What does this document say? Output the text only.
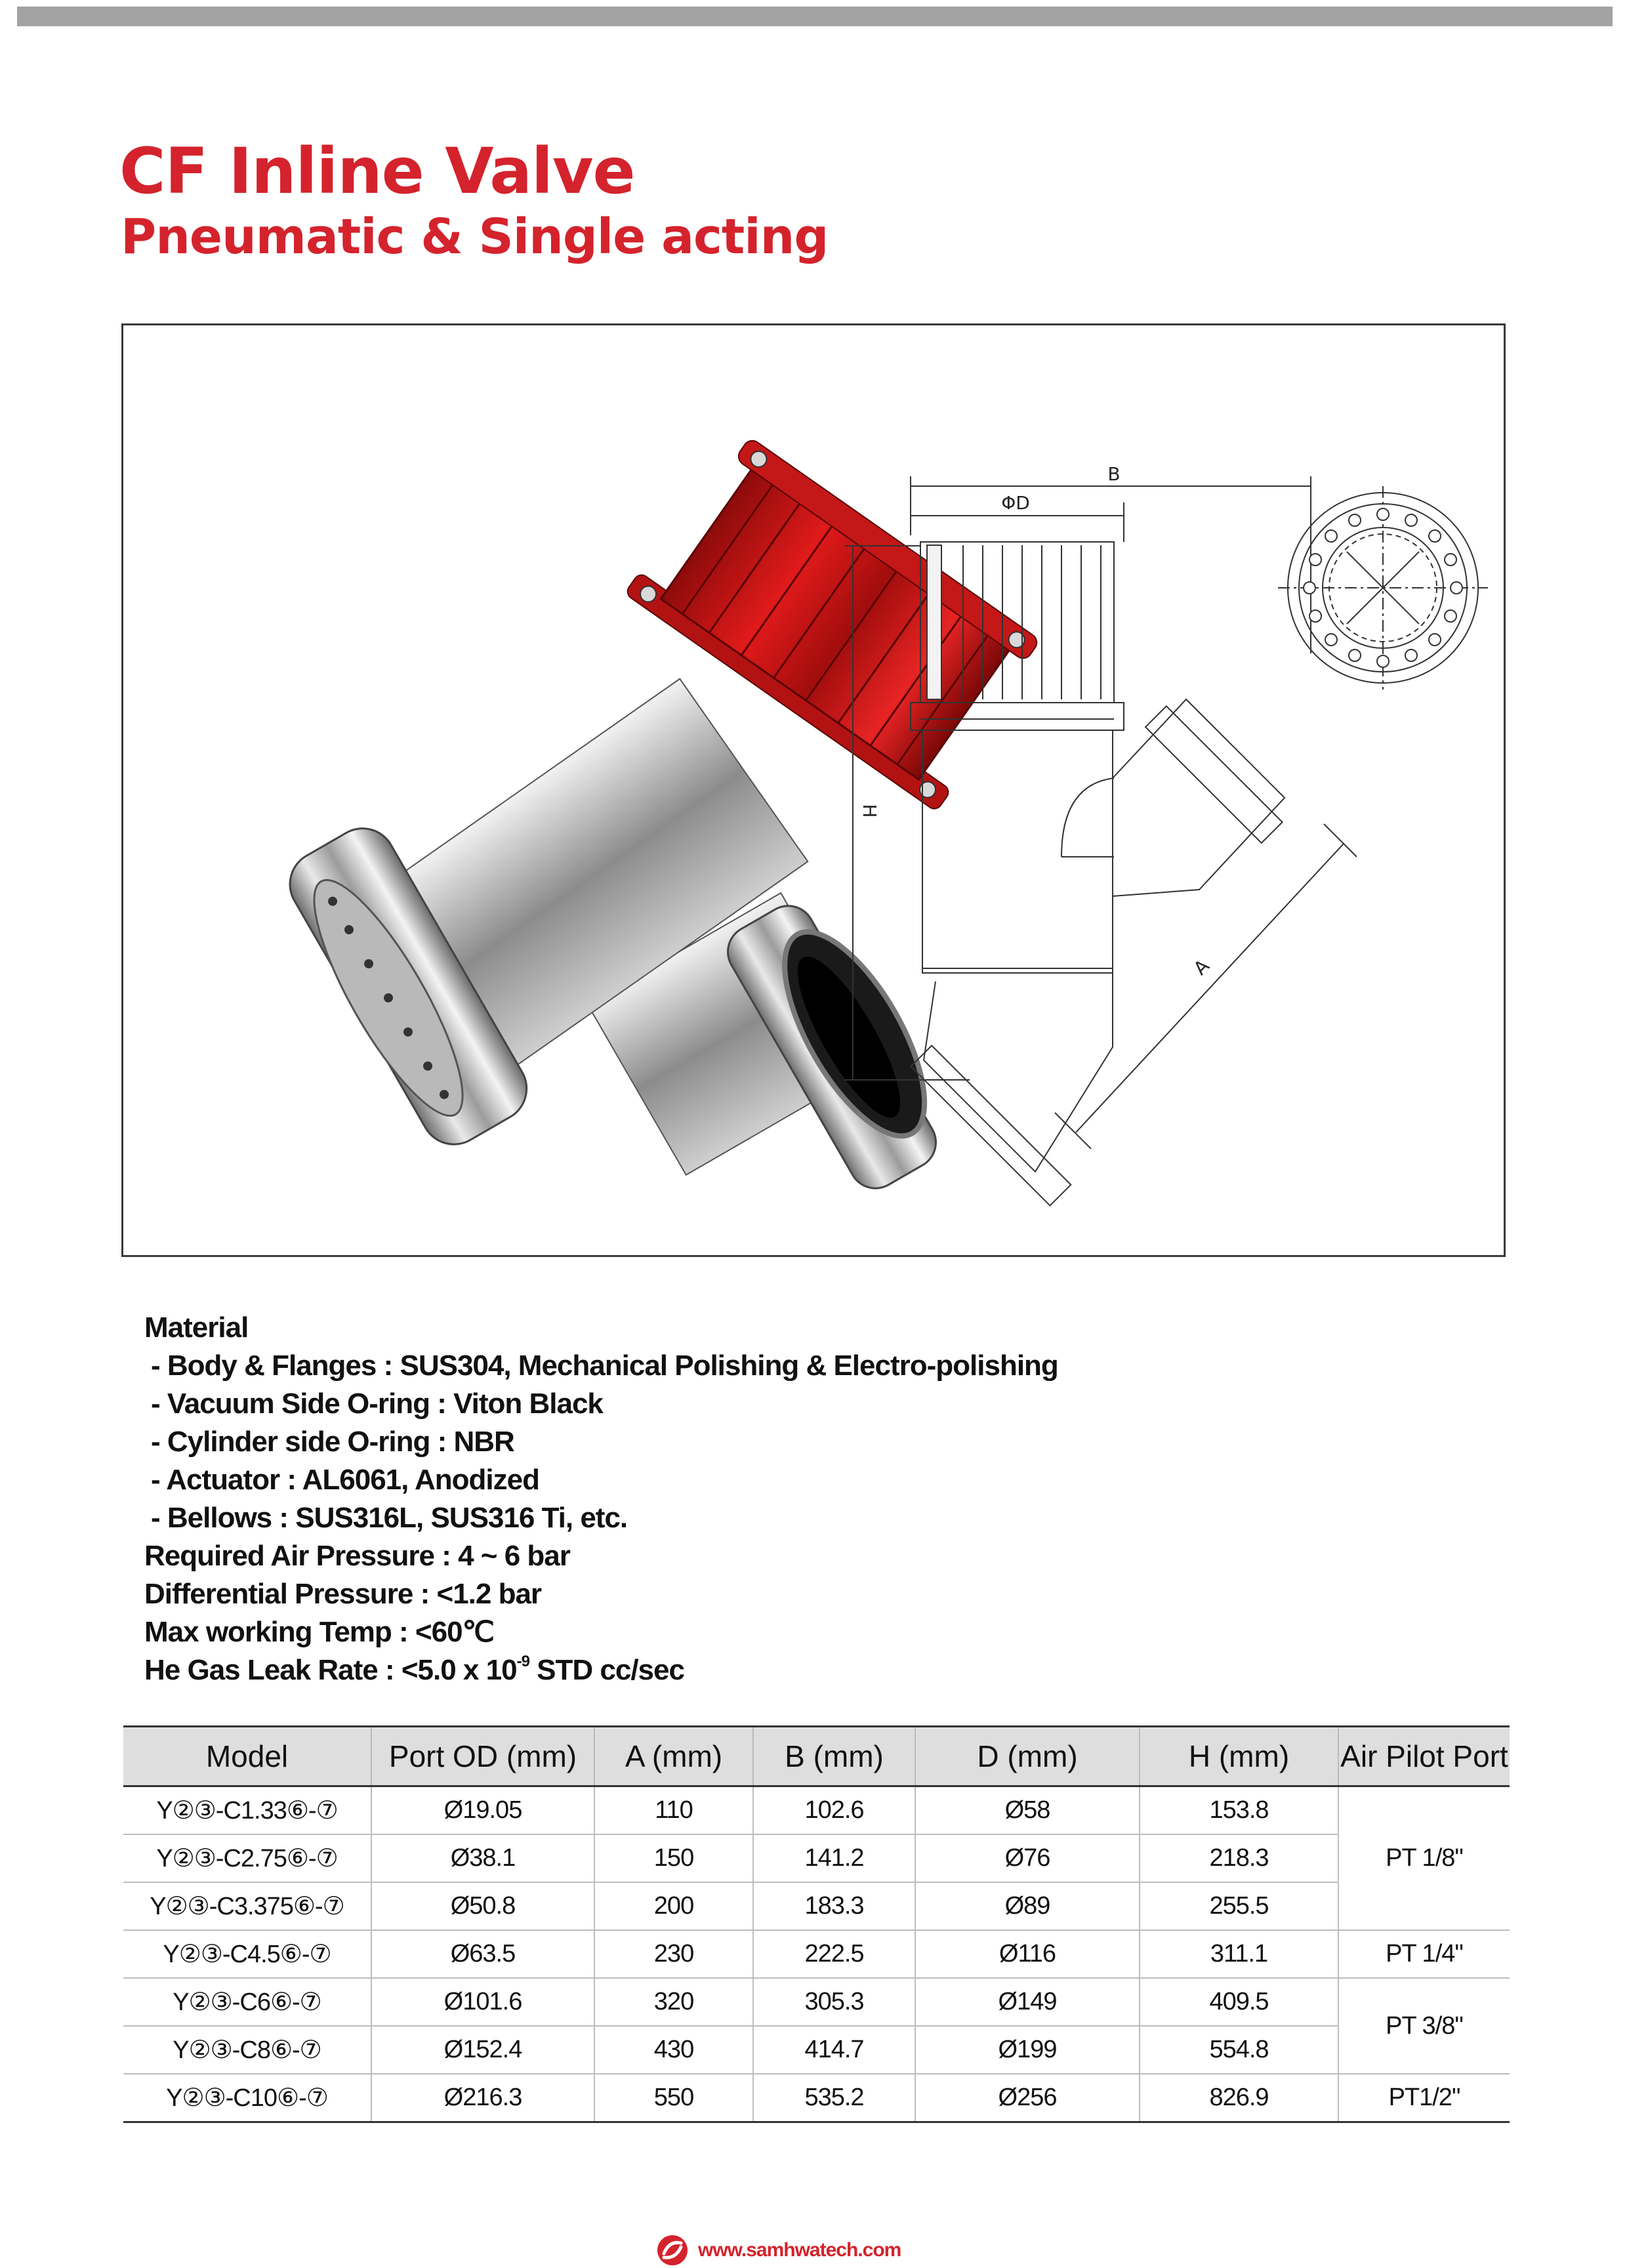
CF Inline Valve
Pneumatic & Single acting
B
ΦD
H
A
Material
- Body & Flanges : SUS304, Mechanical Polishing & Electro-polishing
- Vacuum Side O-ring : Viton Black
- Cylinder side O-ring : NBR
- Actuator : AL6061, Anodized
- Bellows : SUS316L, SUS316 Ti, etc.
Required Air Pressure : 4 ~ 6 bar
Differential Pressure : <1.2 bar
Max working Temp : <60℃
He Gas Leak Rate : <5.0 x $10^{-9}$ STD cc/sec
Model	Port OD (mm)	A (mm)	B (mm)	D (mm)	H (mm)	Air Pilot Port
Y②③-C1.33⑥-⑦	Ø19.05	110	102.6	Ø58	153.8	PT 1/8"
Y②③-C2.75⑥-⑦	Ø38.1	150	141.2	Ø76	218.3	
Y②③-C3.375⑥-⑦	Ø50.8	200	183.3	Ø89	255.5	
Y②③-C4.5⑥-⑦	Ø63.5	230	222.5	Ø116	311.1	PT 1/4"
Y②③-C6⑥-⑦	Ø101.6	320	305.3	Ø149	409.5	PT 3/8"
Y②③-C8⑥-⑦	Ø152.4	430	414.7	Ø199	554.8	
Y②③-C10⑥-⑦	Ø216.3	550	535.2	Ø256	826.9	PT1/2"
www.samhwatech.com
